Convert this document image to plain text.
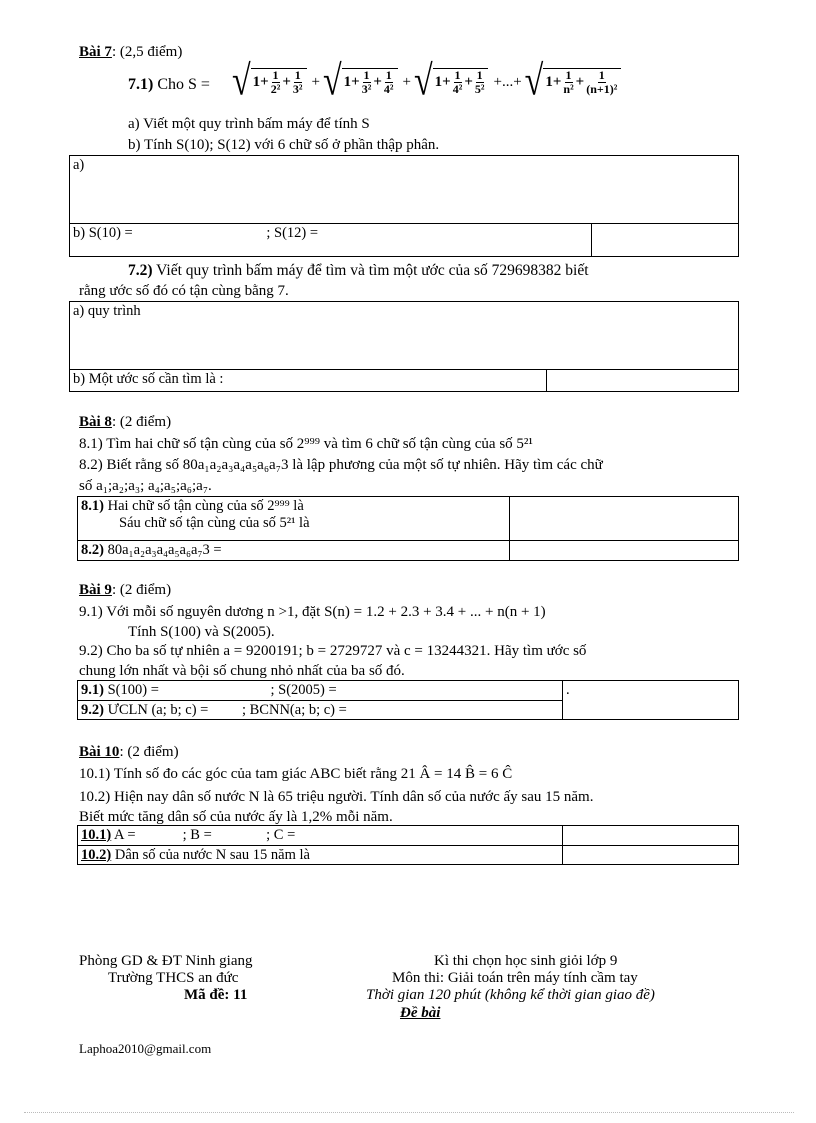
Bài 7: (2,5 điểm)
7.1) Cho S = √ $1+ \frac{1}{\text{2²}} + \frac{1}{\text{3²}}$ + √ $1+ \frac{1}{\text{3²}} + \frac{1}{\text{4²}}$ + √ $1+ \frac{1}{\text{4²}} + \frac{1}{\text{5²}}$ +...+ √ $1+ \frac{1}{\text{n²}} + \frac{1}{\text{(n+1)²}}$
a) Viết một quy trình bấm máy để tính S
b) Tính S(10); S(12) với 6 chữ số ở phần thập phân.
a)
b) S(10) =	; S(12) =	
7.2) Viết quy trình bấm máy để tìm và tìm một ước của số 729698382 biết
rằng ước số đó có tận cùng bằng 7.
a) quy trình
b) Một ước số cần tìm là :	
Bài 8: (2 điểm)
8.1) Tìm hai chữ số tận cùng của số 2⁹⁹⁹ và tìm 6 chữ số tận cùng của số 5²¹
8.2) Biết rằng số 80a₁a₂a₃a₄a₅a₆a₇3 là lập phương của một số tự nhiên. Hãy tìm các chữ
số a₁;a₂;a₃; a₄;a₅;a₆;a₇.
8.1) Hai chữ số tận cùng của số 2⁹⁹⁹ là
Sáu chữ số tận cùng của số 5²¹ là	
8.2) 80a₁a₂a₃a₄a₅a₆a₇3 =	
Bài 9: (2 điểm)
9.1) Với mỗi số nguyên dương n >1, đặt S(n) = 1.2 + 2.3 + 3.4 + ... + n(n + 1)
Tính S(100) và S(2005).
9.2) Cho ba số tự nhiên a = 9200191; b = 2729727 và c = 13244321. Hãy tìm ước số
chung lớn nhất và bội số chung nhỏ nhất của ba số đó.
9.1) S(100) =	; S(2005) =	.
9.2) ƯCLN (a; b; c) = ; BCNN(a; b; c) =
Bài 10: (2 điểm)
10.1) Tính số đo các góc của tam giác ABC biết rằng 21 Â = 14 B̂ = 6 Ĉ
10.2) Hiện nay dân số nước N là 65 triệu người. Tính dân số của nước ấy sau 15 năm.
Biết mức tăng dân số của nước ấy là 1,2% mỗi năm.
10.1) A =             ; B =               ; C =	
10.2) Dân số của nước N sau 15 năm là	
Phòng GD & ĐT Ninh giang
Trường THCS an đức
Mã đề: 11
Kì thi chọn học sinh giỏi lớp 9
Môn thi: Giải toán trên máy tính cầm tay
Thời gian 120 phút (không kể thời gian giao đề)
Đề bài
Laphoa2010@gmail.com
